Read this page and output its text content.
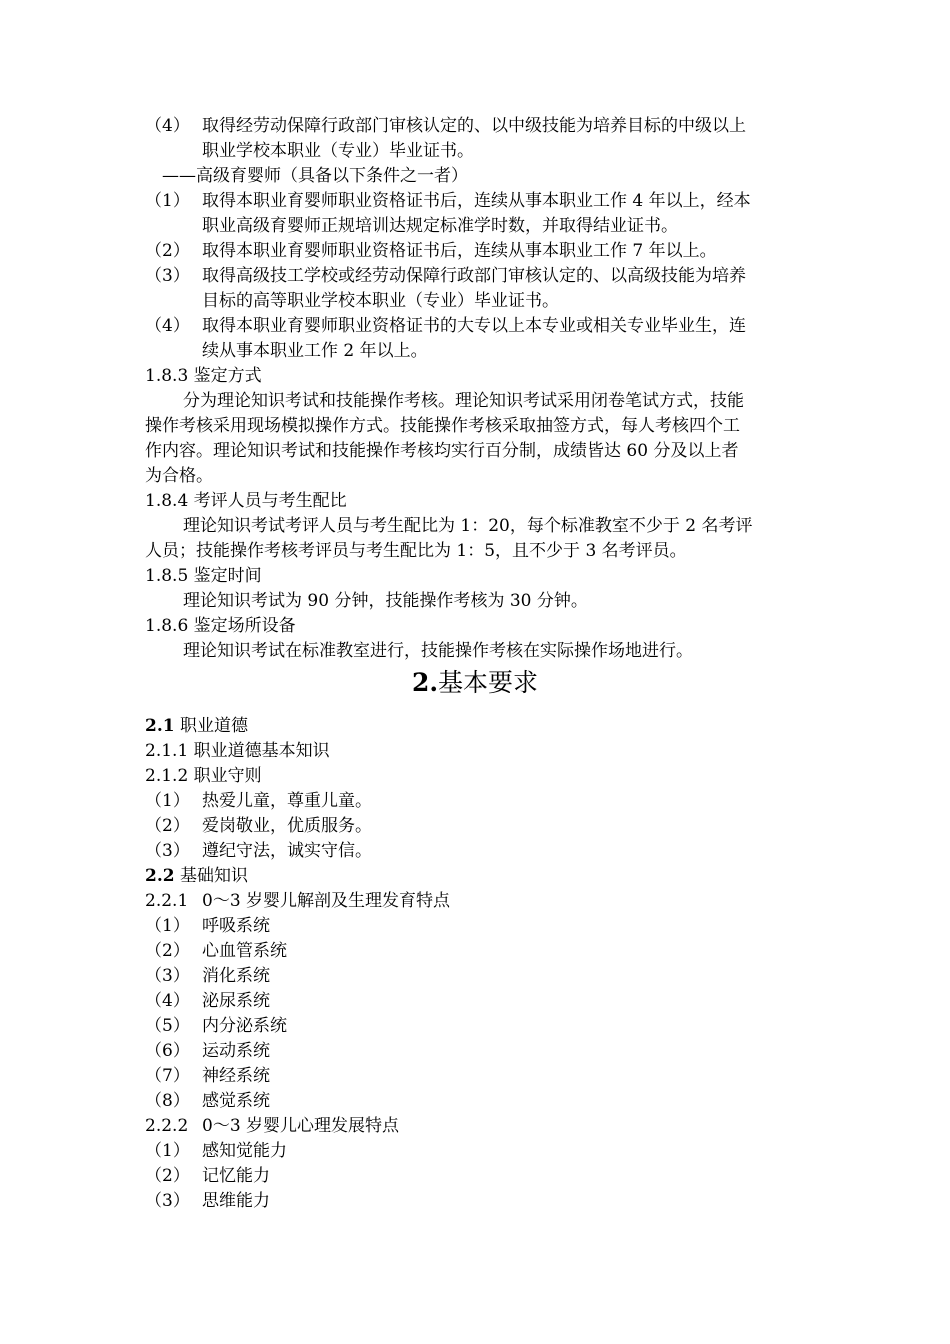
（4） 取得经劳动保障行政部门审核认定的、以中级技能为培养目标的中级以上
职业学校本职业（专业）毕业证书。
——高级育婴师（具备以下条件之一者）
（1） 取得本职业育婴师职业资格证书后，连续从事本职业工作 4 年以上，经本
职业高级育婴师正规培训达规定标准学时数，并取得结业证书。
（2） 取得本职业育婴师职业资格证书后，连续从事本职业工作 7 年以上。
（3） 取得高级技工学校或经劳动保障行政部门审核认定的、以高级技能为培养
目标的高等职业学校本职业（专业）毕业证书。
（4） 取得本职业育婴师职业资格证书的大专以上本专业或相关专业毕业生，连
续从事本职业工作 2 年以上。
1.8.3 鉴定方式
分为理论知识考试和技能操作考核。理论知识考试采用闭卷笔试方式，技能
操作考核采用现场模拟操作方式。技能操作考核采取抽签方式，每人考核四个工
作内容。理论知识考试和技能操作考核均实行百分制，成绩皆达 60 分及以上者
为合格。
1.8.4 考评人员与考生配比
理论知识考试考评人员与考生配比为 1：20，每个标准教室不少于 2 名考评
人员；技能操作考核考评员与考生配比为 1：5，且不少于 3 名考评员。
1.8.5 鉴定时间
理论知识考试为 90 分钟，技能操作考核为 30 分钟。
1.8.6 鉴定场所设备
理论知识考试在标准教室进行，技能操作考核在实际操作场地进行。
2.基本要求
2.1 职业道德
2.1.1 职业道德基本知识
2.1.2 职业守则
（1） 热爱儿童，尊重儿童。
（2） 爱岗敬业，优质服务。
（3） 遵纪守法，诚实守信。
2.2 基础知识
2.2.1 0～3 岁婴儿解剖及生理发育特点
（1） 呼吸系统
（2） 心血管系统
（3） 消化系统
（4） 泌尿系统
（5） 内分泌系统
（6） 运动系统
（7） 神经系统
（8） 感觉系统
2.2.2 0～3 岁婴儿心理发展特点
（1） 感知觉能力
（2） 记忆能力
（3） 思维能力
